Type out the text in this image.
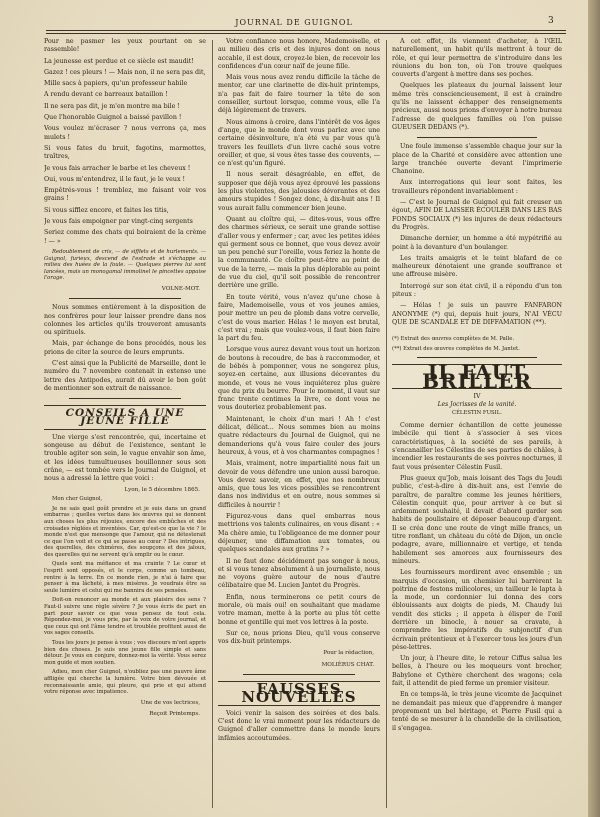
JOURNAL DE GUIGNOL	3

Pour ne pasmer les yeux pourtant on se rassemble!

La jeunesse est perdue et ce siècle est maudit!

Gazez ! ces pleurs ! — Mais non, il ne sera pas dit,

Mille sacs à papiers, qu'un professeur habile

A rendu devant ce barreaux bataillon !

Il ne sera pas dit, je m'en montre ma bile !

Que l'honorable Guignol a baissé pavillon !

Vous voulez m'écraser ? nous verrons ça, mes mulets !

Si vous fates du bruit, fagotins, marmottes, traîtres,

Je vous fais arracher le barbe et les cheveux !

Oui, vous m'entendrez, il le faut, je le veux !

Empêtrés-vous ! tremblez, me faisant voir vos grains !

Si vous sifflez encore, et faites les titis,

Je vous fais empoigner par vingt-cinq sergents

Seriez comme des chats qui boiraient de la crème ! — »

Redoublement de cris, — de sifflets et de hurlements. — Guignol, furieux, descend de l'estrade et s'échappe au milieu des huées de la foule. — Quelques pierres lui sont lancées, mais un monogamal immolinel le pincettes appaise l'orage.

VOLNE-MOT.

Nous sommes entièrement à la disposition de nos confrères pour leur laisser prendre dans nos colonnes les articles qu'ils trouveront amusants ou spirituels.

Mais, par échange de bons procédés, nous les prions de citer la source de leurs emprunts.

C'est ainsi que la Publicité de Marseille, dont le numéro du 7 novembre contenait in extenso une lettre des Antipodes, aurait dû avoir le bon goût de mentionner son extrait de naissance.

CONSEILS A UNE JEUNE FILLE

Une vierge s'est rencontrée, qui, incertaine et songeuse au début de l'existence, sentant le trouble agiter son sein, le vague envahir son âme, et les idées tumultueuses bouillonner sous son crâne, — est tombée vers le Journal de Guignol, et nous a adressé la lettre que voici :

Lyon, le 5 décembre 1865.

Mon cher Guignol,

Je ne sais quel goût prendre et je suis dans un grand embarras ; quelles vertus dans les œuvres qui se donnent aux choses les plus réjouies, encore des embûches et des croisades réglées et inventées. Car, qu'est-ce que la vie ? le monde n'est que mensonge que l'amour, qui ne détesterait ce que l'on voit et ce qui se passe au cœur ? Des intrigues, des querelles, des chimères, des soupçons et des jaloux, des querelles qui ne servent qu'à emplir ou le cœur.

Quels sont ma méfiance et ma crainte ? Le cœur et l'esprit sont opposés, et le corps, comme un tombeau, rentre à la terre. En ce monde rien, je n'ai à faire que penser à ma lâcheté, à mes misères. Je voudrais être sa seule lumière et celui qui me bannira de ses pensées.

Doit-on renoncer au monde et aux plaisirs des sens ? Faut-il suivre une règle sévère ? Je vous écris de part en part pour savoir ce que vous pensez de tout cela. Répondez-moi, je vous prie, par la voix de votre journal, et que ceux qui ont l'âme tendre et troublée profitent aussi de vos sages conseils.

Tous les jours je pense à vous ; vos discours m'ont appris bien des choses. Je suis une jeune fille simple et sans détour. Je vous en conjure, donnez-moi la vérité. Vous serez mon guide et mon soutien.

Adieu, mon cher Guignol, n'oubliez pas une pauvre âme affligée qui cherche la lumière. Votre bien dévouée et reconnaissante amie, qui pleure, qui prie et qui attend votre réponse avec impatience.

Une de vos lectrices,

Reçoit Printemps.

Votre confiance nous honore, Mademoiselle, et au milieu des cris et des injures dont on nous accable, il est doux, croyez-le bien, de recevoir les confidences d'un cœur naïf de jeune fille.

Mais vous nous avez rendu difficile la tâche de mentor, car une clarinette de dix-huit printemps, n'a pas fait de faire tourner la tête de son conseiller, surtout lorsque, comme vous, elle l'a déjà légèrement de travers.

Nous aimons à croire, dans l'intérêt de vos âges d'ange, que le monde dont vous parlez avec une certaine désinvolture, n'a été vu par vous qu'à travers les feuillets d'un livre caché sous votre oreiller, et que, si vous êtes tasse des couvents, — ce n'est qu'un figuré.

Il nous serait désagréable, en effet, de supposer que déjà vous ayez éprouvé les passions les plus violentes, des jalousies dévorantes et des amours stupides ! Songez donc, à dix-huit ans ! Il vous aurait fallu commencer bien jeune.

Quant au cloître qui, — dites-vous, vous offre des charmes sérieux, ce serait une grande sottise d'aller vous y enfermer ; car, avec les petites idées qui germent sous ce bonnet, que vous devez avoir un peu penché sur l'oreille, vous feriez la honte de la communauté. Ce cloître peut-être au point de vue de la terre, — mais la plus déplorable au point de vue du ciel, qu'il soit possible de rencontrer derrière une grille.

En toute vérité, vous n'avez qu'une chose à faire, Mademoiselle, vous et vos jeunes amies, pour mettre un peu de plomb dans votre cervelle, c'est de vous marier. Hélas ! le moyen est brutal, c'est vrai ; mais que voulez-vous, il faut bien faire la part du feu.

Lorsque vous aurez devant vous tout un horizon de boutons à recoudre, de bas à raccommoder, et de bébés à pomponner, vous ne songerez plus, soyez-en certaine, aux illusions décevantes du monde, et vous ne vous inquiéterez plus guère que du prix du beurre. Pour le moment, il vaut sur franc trente centimes la livre, ce dont vous ne vous douteriez probablement pas.

Maintenant, le choix d'un mari ! Ah ! c'est délicat, délicat... Nous sommes bien au moins quatre rédacteurs du Journal de Guignol, qui ne demanderions qu'à vous faire couler des jours heureux, à vous, et à vos charmantes compagnes !

Mais, vraiment, notre impartialité nous fait un devoir de vous défendre une union aussi baroque. Vous devez savoir, en effet, que nos nombreux amis, que tous les vices possibles se rencontrent dans nos individus et en outre, nous sommes si difficiles à nourrir !

Figurez-vous dans quel embarras nous mettrions vos talents culinaires, en vous disant : « Ma chère amie, tu l'obligeance de me donner pour déjeuner, une diffamation aux tomates, ou quelques scandales aux gratins ? »

Il ne faut donc décidément pas songer à nous, et si vous tenez absolument à un journaliste, nous ne voyons guère autour de nous d'autre célibataire que M. Lucien Jantet du Progrès.

Enfin, nous terminerons ce petit cours de morale, où mais oui! en souhaitant que madame votre maman, mette à la porte au plus tôt cette bonne et gentille qui met vos lettres à la poste.

Sur ce, nous prions Dieu, qu'il vous conserve vos dix-huit printemps.

Pour la rédaction,

MOLIÈRUS CHAT.

FAUSSES NOUVELLES

Voici venir la saison des soirées et des bals. C'est donc le vrai moment pour les rédacteurs de Guignol d'aller commettre dans le monde leurs infâmies accoutumées.

A cet effet, ils viennent d'acheter, à l'ŒIL naturellement, un habit qu'ils mettront à tour de rôle, et qui leur permettra de s'introduire dans les réunions du bon ton, où l'on trouve quelques couverts d'argent à mettre dans ses poches.

Quelques les plateaux du journal laissent leur même très consciencieusement, il est à craindre qu'ils ne laissent échapper des renseignements précieux, aussi nous prions d'envoyer à notre bureau l'adresse de quelques familles où l'on puisse GUEUSER DEDANS (*).

Une foule immense s'assemble chaque jour sur la place de la Charité et considère avec attention une large tranchée ouverte devant l'imprimerie Chanoine.

Aux interrogations qui leur sont faites, les travailleurs répondent invariablement :

— C'est le Journal de Guignol qui fait creuser un égout, AFIN DE LAISSER ÉCOULER DANS LES BAS FONDS SOCIAUX (*) les injures de deux rédacteurs du Progrès.

Dimanche dernier, un homme a été mypétrifié au point à la devanture d'un boulanger.

Les traits amaigris et le teint blafard de ce malheureux dénotaient une grande souffrance et une affreuse misère.

Interrogé sur son état civil, il a répondu d'un ton piteux :

— Hélas ! je suis un pauvre FANFARON ANONYME (*) qui, depuis huit jours, N'AI VÉCU QUE DE SCANDALE ET DE DIFFAMATION (**).

(*) Extrait des œuvres complètes de M. Palle.

(**) Extrait des œuvres complètes de M. Jantet.

IL FAUT BRILLER
IV
Les Jocrisses de la vanité.
CÉLESTIN FUSIL.

Comme dernier échantillon de cette jeunesse imbécile qui tient à s'associer à ses vices caractéristiques, à la société de ses pareils, à s'encanailler les Célestins de ses parties de châles, à incendier les restaurants de ses poivres nocturnes, il faut vous présenter Célestin Fusil.

Plus gueux qu'Job, mais loisant des Tags du Jeudi public, c'est-à-dire à dix-huit ans, est l'envie de paraître, de paraître comme les jeunes héritiers, Célestin conquit que, pour arriver à ce but si ardemment souhaité, il devait d'abord garder son habits de poulistaire et déposer beaucoup d'argent. Il se créa donc une route de vingt mille francs, un titre ronflant, un château du côté de Dijon, un oncle podagre, avare, millionnaire et vertige, et tenda habilement ses amorces aux fournisseurs des mineurs.

Les fournisseurs mordirent avec ensemble ; un marquis d'occasion, un chemisier lui barrèrent la poitrine de festons milicolores, un tailleur le lapta à la mode, un cordonnier lui donna des cors éblouissants aux doigts de pieds, M. Chaudy lui vendit des sticks ; il appeta à élisper de l'œil derrière un binocle, à nouer sa cravate, à comprendre les impératifs du subjonctif d'un écrivain prétentieux et à l'exercer tous les jours d'un pèse-lettres.

Un jour, à l'heure dite, le retour Ciffus salua les belles, à l'heure ou les moqueurs vont brocher, Babylone et Cythère cherchent des wagons; cela fait, il attendit de pied ferme un premier visiteur.

En ce temps-là, le très jeune vicomte de Jacquinet ne demandait pas mieux que d'apprendre à manger proprement un bel héritage, et Pierre Fusil qui a tenté de se mesurer à la chandelle de la civilisation, il s'engagea.
